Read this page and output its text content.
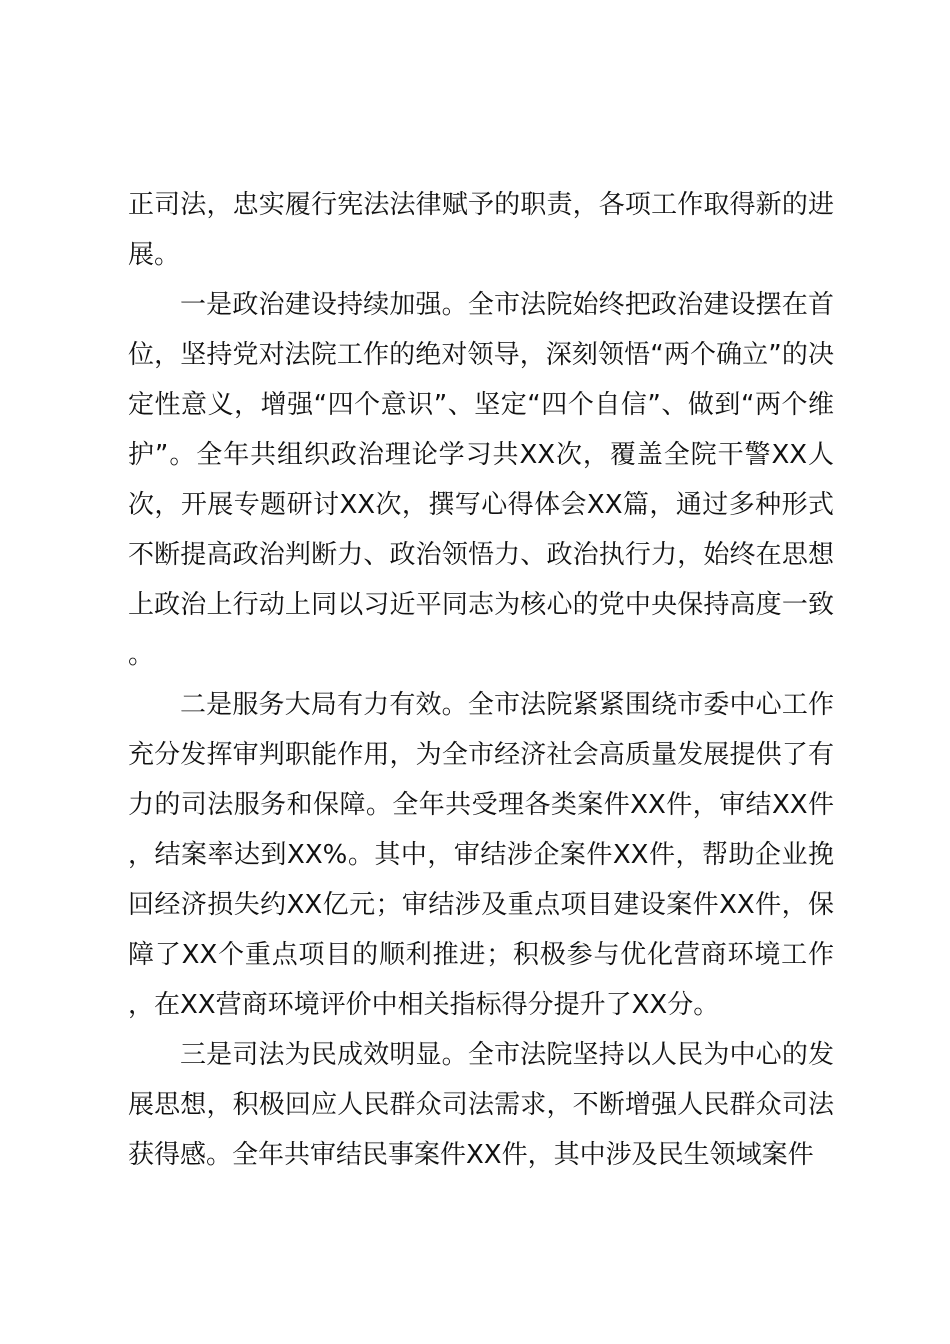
正司法，忠实履行宪法法律赋予的职责，各项工作取得新的进展。

一是政治建设持续加强。全市法院始终把政治建设摆在首位，坚持党对法院工作的绝对领导，深刻领悟“两个确立”的决定性意义，增强“四个意识”、坚定“四个自信”、做到“两个维护”。全年共组织政治理论学习共XX次，覆盖全院干警XX人次，开展专题研讨XX次，撰写心得体会XX篇，通过多种形式不断提高政治判断力、政治领悟力、政治执行力，始终在思想上政治上行动上同以习近平同志为核心的党中央保持高度一致。

二是服务大局有力有效。全市法院紧紧围绕市委中心工作充分发挥审判职能作用，为全市经济社会高质量发展提供了有力的司法服务和保障。全年共受理各类案件XX件，审结XX件，结案率达到XX%。其中，审结涉企案件XX件，帮助企业挽回经济损失约XX亿元；审结涉及重点项目建设案件XX件，保障了XX个重点项目的顺利推进；积极参与优化营商环境工作，在XX营商环境评价中相关指标得分提升了XX分。

三是司法为民成效明显。全市法院坚持以人民为中心的发展思想，积极回应人民群众司法需求，不断增强人民群众司法获得感。全年共审结民事案件XX件，其中涉及民生领域案件
